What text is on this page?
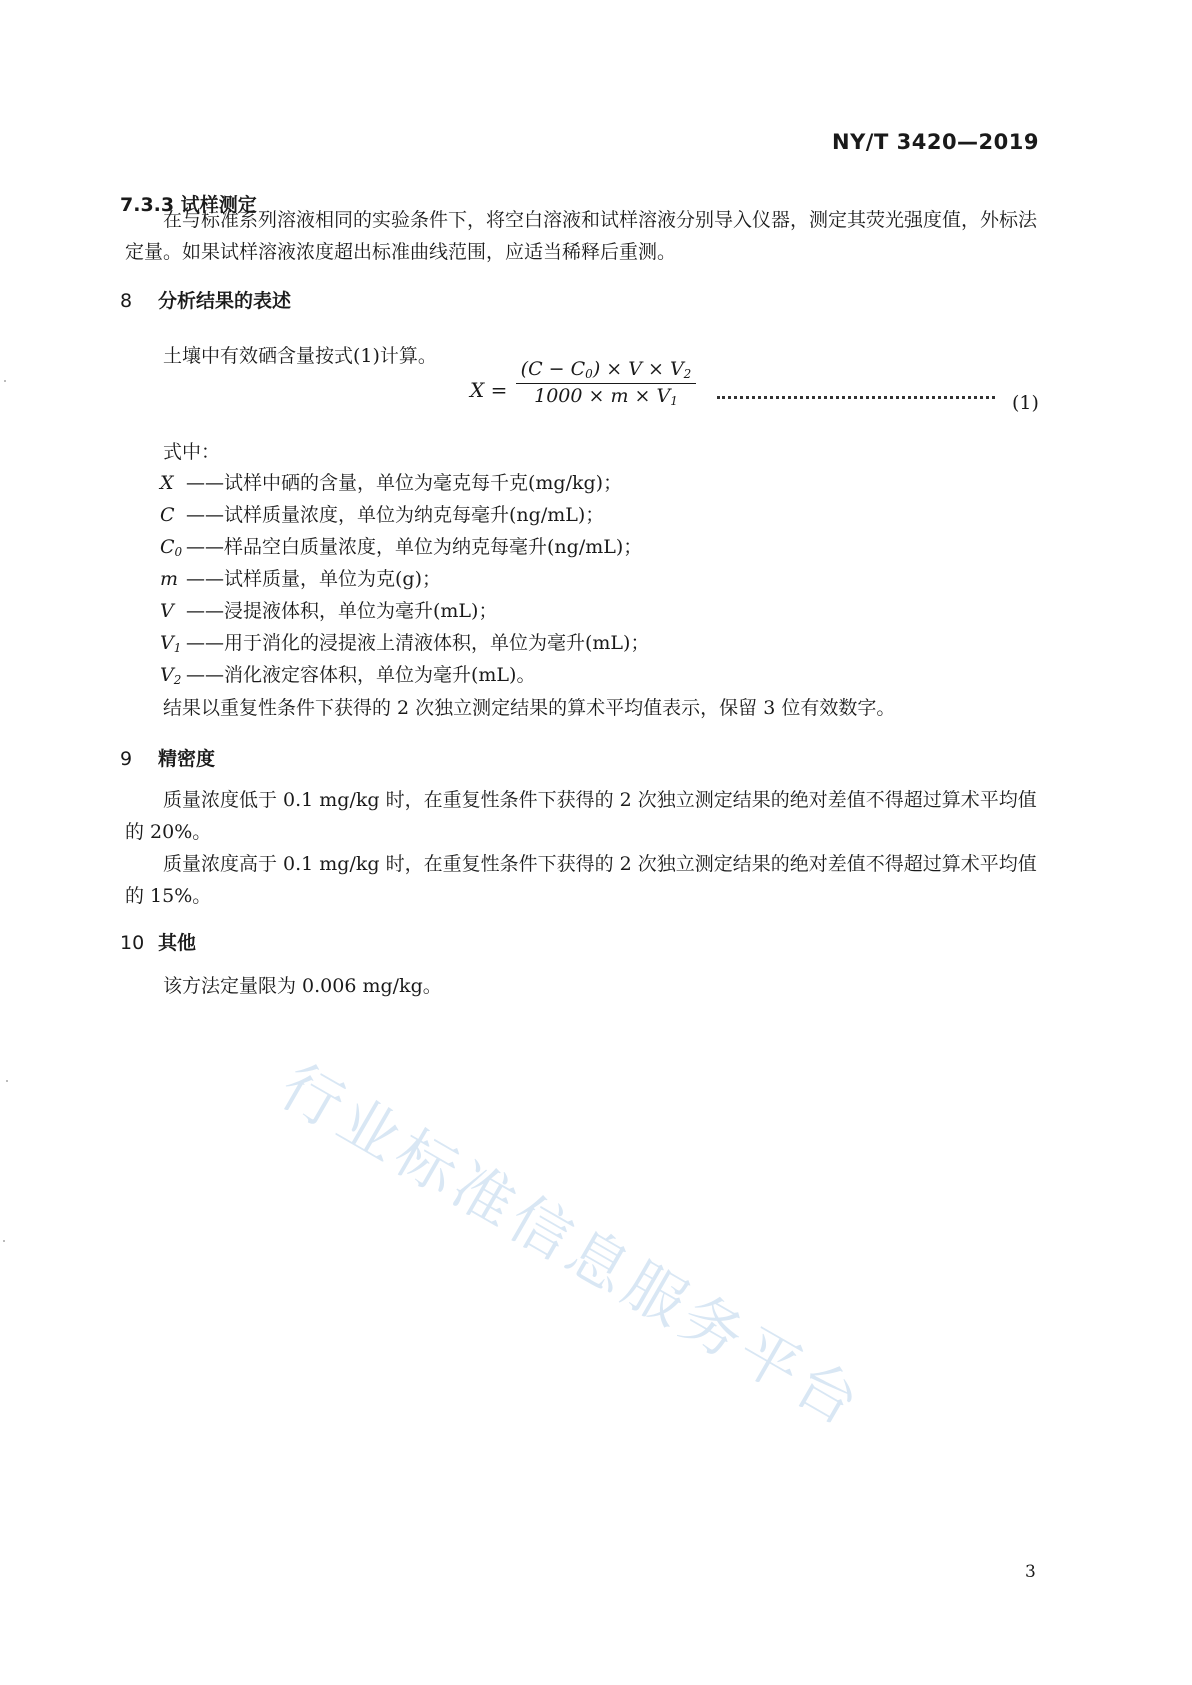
NY/T 3420—2019
7.3.3 试样测定
在与标准系列溶液相同的实验条件下，将空白溶液和试样溶液分别导入仪器，测定其荧光强度值，外标法定量。如果试样溶液浓度超出标准曲线范围，应适当稀释后重测。
8 分析结果的表述
土壤中有效硒含量按式(1)计算。
$X = \frac{(C - C_0) \times V \times V_2}{1000 \times m \times V_1}$	(1)
式中：
X ——试样中硒的含量，单位为毫克每千克(mg/kg)；
C ——试样质量浓度，单位为纳克每毫升(ng/mL)；
$C_0$ ——样品空白质量浓度，单位为纳克每毫升(ng/mL)；
m ——试样质量，单位为克(g)；
V ——浸提液体积，单位为毫升(mL)；
$V_1$ ——用于消化的浸提液上清液体积，单位为毫升(mL)；
$V_2$ ——消化液定容体积，单位为毫升(mL)。
结果以重复性条件下获得的 2 次独立测定结果的算术平均值表示，保留 3 位有效数字。
9 精密度
质量浓度低于 0.1 mg/kg 时，在重复性条件下获得的 2 次独立测定结果的绝对差值不得超过算术平均值的 20%。
质量浓度高于 0.1 mg/kg 时，在重复性条件下获得的 2 次独立测定结果的绝对差值不得超过算术平均值的 15%。
10 其他
该方法定量限为 0.006 mg/kg。
行业标准信息服务平台
3
